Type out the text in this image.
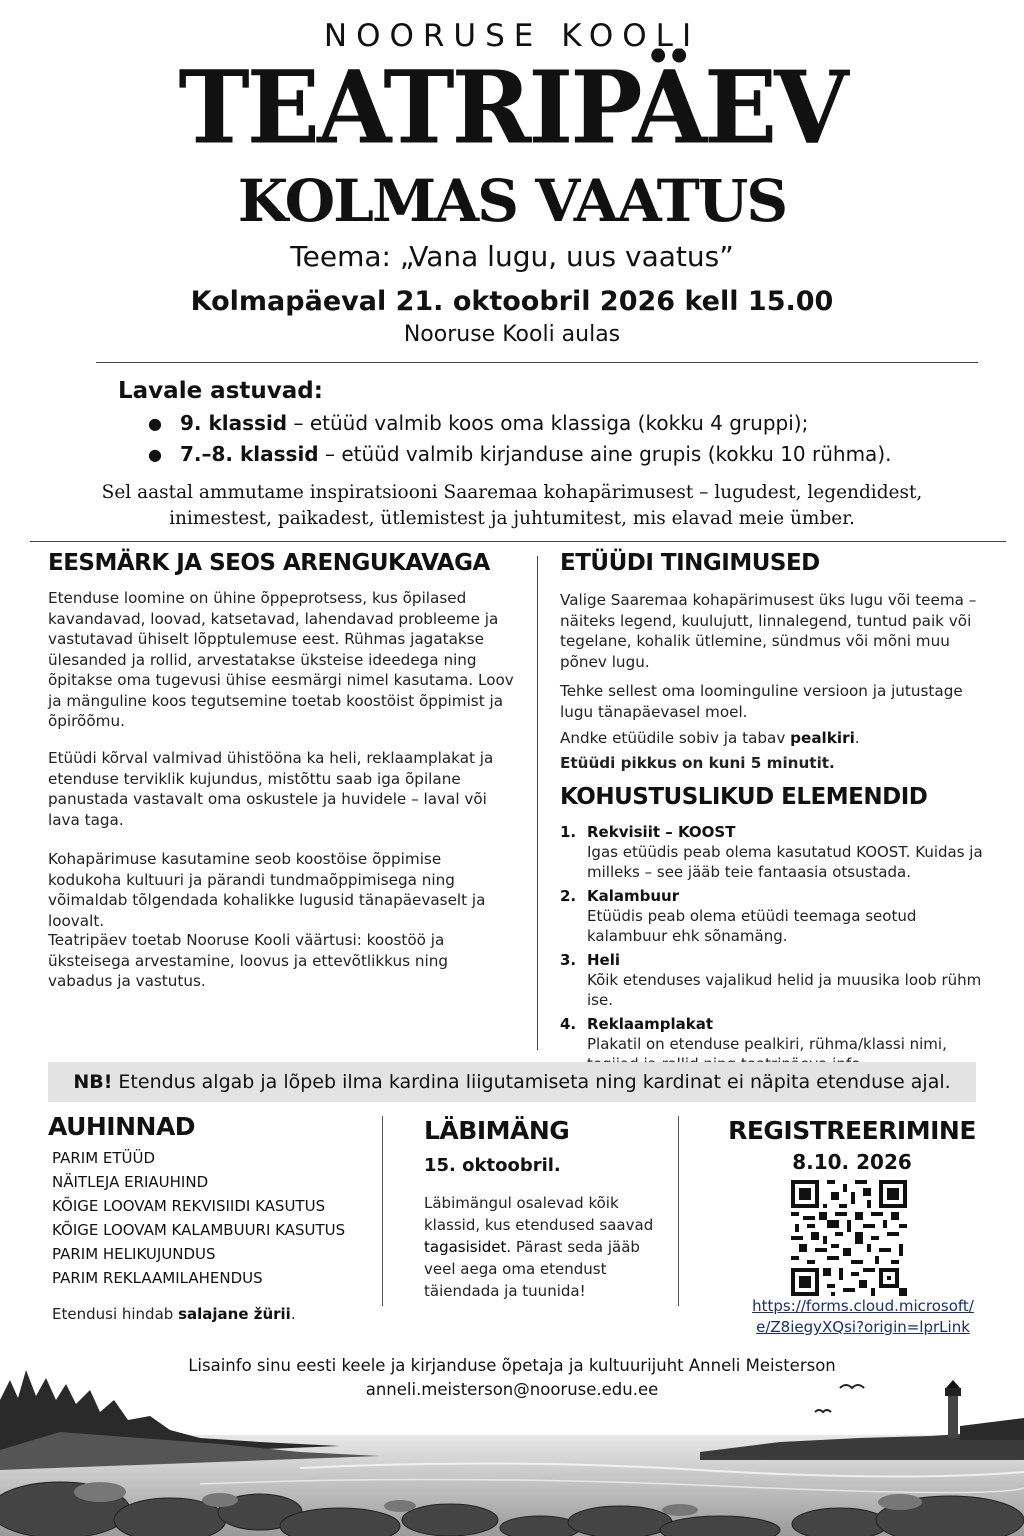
NOORUSE KOOLI
TEATRIPÄEV
KOLMAS VAATUS
Teema: „Vana lugu, uus vaatus”
Kolmapäeval 21. oktoobril 2026 kell 15.00
Nooruse Kooli aulas
Lavale astuvad:
● 9. klassid – etüüd valmib koos oma klassiga (kokku 4 gruppi);
● 7.–8. klassid – etüüd valmib kirjanduse aine grupis (kokku 10 rühma).
Sel aastal ammutame inspiratsiooni Saaremaa kohapärimusest – lugudest, legendidest, inimestest, paikadest, ütlemistest ja juhtumitest, mis elavad meie ümber.
EESMÄRK JA SEOS ARENGUKAVAGA
Etenduse loomine on ühine õppeprotsess, kus õpilased kavandavad, loovad, katsetavad, lahendavad probleeme ja vastutavad ühiselt lõpptulemuse eest. Rühmas jagatakse ülesanded ja rollid, arvestatakse üksteise ideedega ning õpitakse oma tugevusi ühise eesmärgi nimel kasutama. Loov ja mänguline koos tegutsemine toetab koostöist õppimist ja õpirõõmu.
Etüüdi kõrval valmivad ühistööna ka heli, reklaamplakat ja etenduse terviklik kujundus, mistõttu saab iga õpilane panustada vastavalt oma oskustele ja huvidele – laval või lava taga.
Kohapärimuse kasutamine seob koostöise õppimise kodukoha kultuuri ja pärandi tundmaõppimisega ning võimaldab tõlgendada kohalikke lugusid tänapäevaselt ja loovalt.
Teatripäev toetab Nooruse Kooli väärtusi: koostöö ja üksteisega arvestamine, loovus ja ettevõtlikkus ning vabadus ja vastutus.
ETÜÜDI TINGIMUSED
Valige Saaremaa kohapärimusest üks lugu või teema – näiteks legend, kuulujutt, linnalegend, tuntud paik või tegelane, kohalik ütlemine, sündmus või mõni muu põnev lugu.
Tehke sellest oma loominguline versioon ja jutustage lugu tänapäevasel moel.
Andke etüüdile sobiv ja tabav pealkiri.
Etüüdi pikkus on kuni 5 minutit.
KOHUSTUSLIKUD ELEMENDID
1. Rekvisiit – KOOST
Igas etüüdis peab olema kasutatud KOOST. Kuidas ja milleks – see jääb teie fantaasia otsustada.
2. Kalambuur
Etüüdis peab olema etüüdi teemaga seotud kalambuur ehk sõnamäng.
3. Heli
Kõik etenduses vajalikud helid ja muusika loob rühm ise.
4. Reklaamplakat
Plakatil on etenduse pealkiri, rühma/klassi nimi,
NB! Etendus algab ja lõpeb ilma kardina liigutamiseta ning kardinat ei näpita etenduse ajal.
AUHINNAD
PARIM ETÜÜD
NÄITLEJA ERIAUHIND
KÕIGE LOOVAM REKVISIIDI KASUTUS
KÕIGE LOOVAM KALAMBUURI KASUTUS
PARIM HELIKUJUNDUS
PARIM REKLAAMILAHENDUS
Etendusi hindab salajane žürii.
LÄBIMÄNG
15. oktoobril.
Läbimängul osalevad kõik klassid, kus etendused saavad tagasisidet. Pärast seda jääb veel aega oma etendust täiendada ja tuunida!
REGISTREERIMINE
8.10. 2026
https://forms.cloud.microsoft/
e/Z8iegyXQsi?origin=lprLink
Lisainfo sinu eesti keele ja kirjanduse õpetaja ja kultuurijuht Anneli Meisterson
anneli.meisterson@nooruse.edu.ee
